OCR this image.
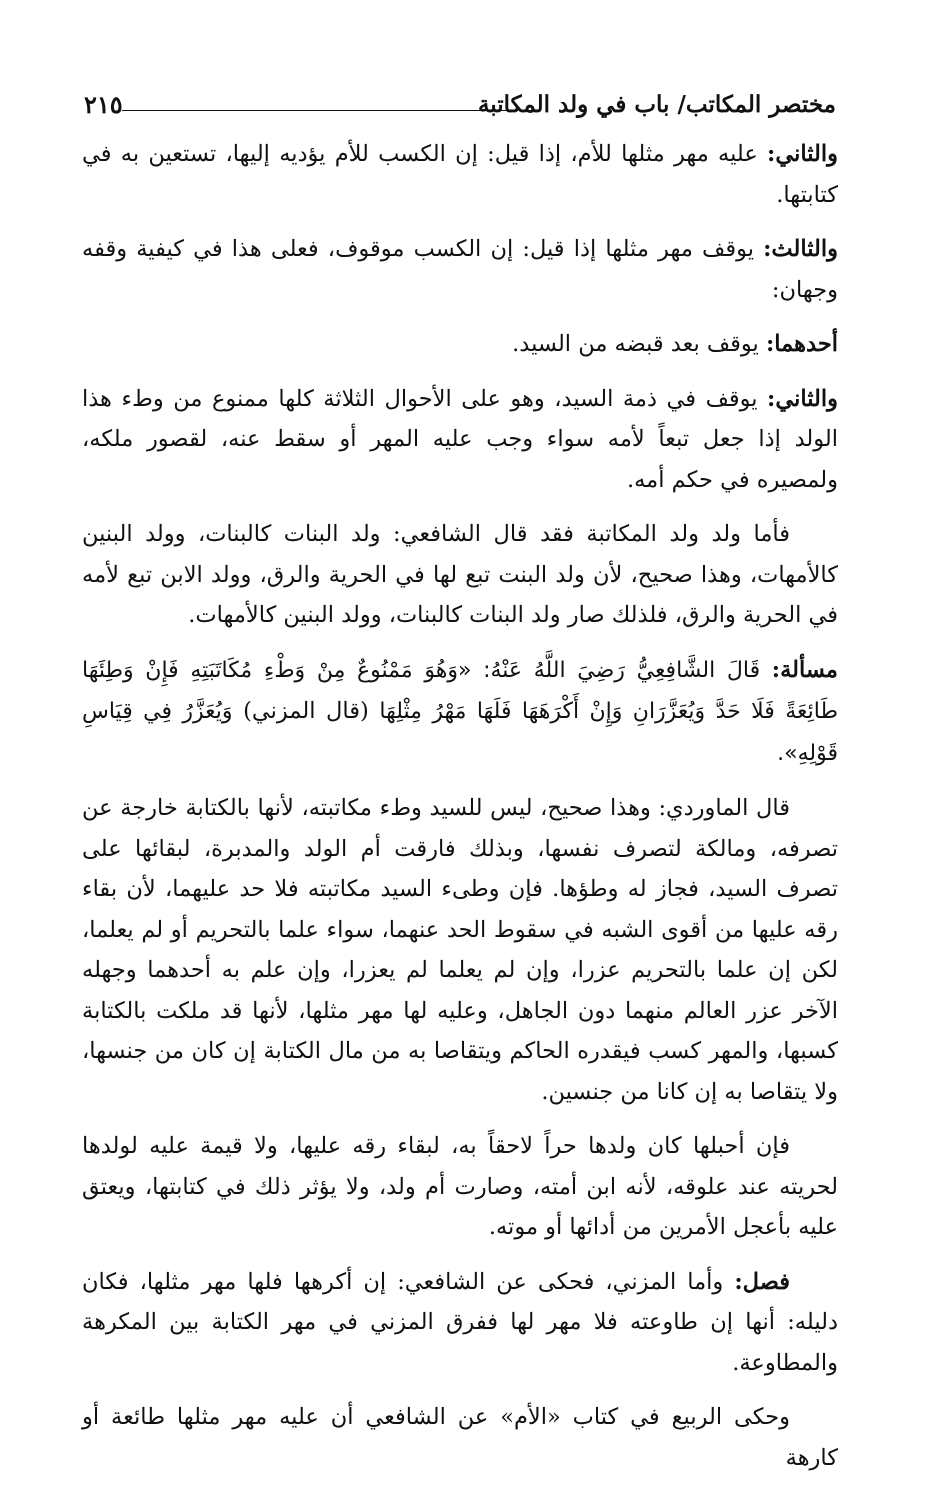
٢١٥	مختصر المكاتب/ باب في ولد المكاتبة

والثاني: عليه مهر مثلها للأم، إذا قيل: إن الكسب للأم يؤديه إليها، تستعين به في كتابتها.

والثالث: يوقف مهر مثلها إذا قيل: إن الكسب موقوف، فعلى هذا في كيفية وقفه وجهان:

أحدهما: يوقف بعد قبضه من السيد.

والثاني: يوقف في ذمة السيد، وهو على الأحوال الثلاثة كلها ممنوع من وطء هذا الولد إذا جعل تبعاً لأمه سواء وجب عليه المهر أو سقط عنه، لقصور ملكه، ولمصيره في حكم أمه.

فأما ولد ولد المكاتبة فقد قال الشافعي: ولد البنات كالبنات، وولد البنين كالأمهات، وهذا صحيح، لأن ولد البنت تبع لها في الحرية والرق، وولد الابن تبع لأمه في الحرية والرق، فلذلك صار ولد البنات كالبنات، وولد البنين كالأمهات.

مسألة: قَالَ الشَّافِعِيُّ رَضِيَ اللَّهُ عَنْهُ: «وَهُوَ مَمْنُوعٌ مِنْ وَطْءِ مُكَاتَبَتِهِ فَإِنْ وَطِئَهَا طَائِعَةً فَلَا حَدَّ وَيُعَزَّرَانِ وَإِنْ أَكْرَهَهَا فَلَهَا مَهْرُ مِثْلِهَا (قال المزني) وَيُعَزَّرُ فِي قِيَاسِ قَوْلِهِ».

قال الماوردي: وهذا صحيح، ليس للسيد وطء مكاتبته، لأنها بالكتابة خارجة عن تصرفه، ومالكة لتصرف نفسها، وبذلك فارقت أم الولد والمدبرة، لبقائها على تصرف السيد، فجاز له وطؤها. فإن وطىء السيد مكاتبته فلا حد عليهما، لأن بقاء رقه عليها من أقوى الشبه في سقوط الحد عنهما، سواء علما بالتحريم أو لم يعلما، لكن إن علما بالتحريم عزرا، وإن لم يعلما لم يعزرا، وإن علم به أحدهما وجهله الآخر عزر العالم منهما دون الجاهل، وعليه لها مهر مثلها، لأنها قد ملكت بالكتابة كسبها، والمهر كسب فيقدره الحاكم ويتقاصا به من مال الكتابة إن كان من جنسها، ولا يتقاصا به إن كانا من جنسين.

فإن أحبلها كان ولدها حراً لاحقاً به، لبقاء رقه عليها، ولا قيمة عليه لولدها لحريته عند علوقه، لأنه ابن أمته، وصارت أم ولد، ولا يؤثر ذلك في كتابتها، ويعتق عليه بأعجل الأمرين من أدائها أو موته.

فصل: وأما المزني، فحكى عن الشافعي: إن أكرهها فلها مهر مثلها، فكان دليله: أنها إن طاوعته فلا مهر لها ففرق المزني في مهر الكتابة بين المكرهة والمطاوعة.

وحكى الربيع في كتاب «الأم» عن الشافعي أن عليه مهر مثلها طائعة أو كارهة
